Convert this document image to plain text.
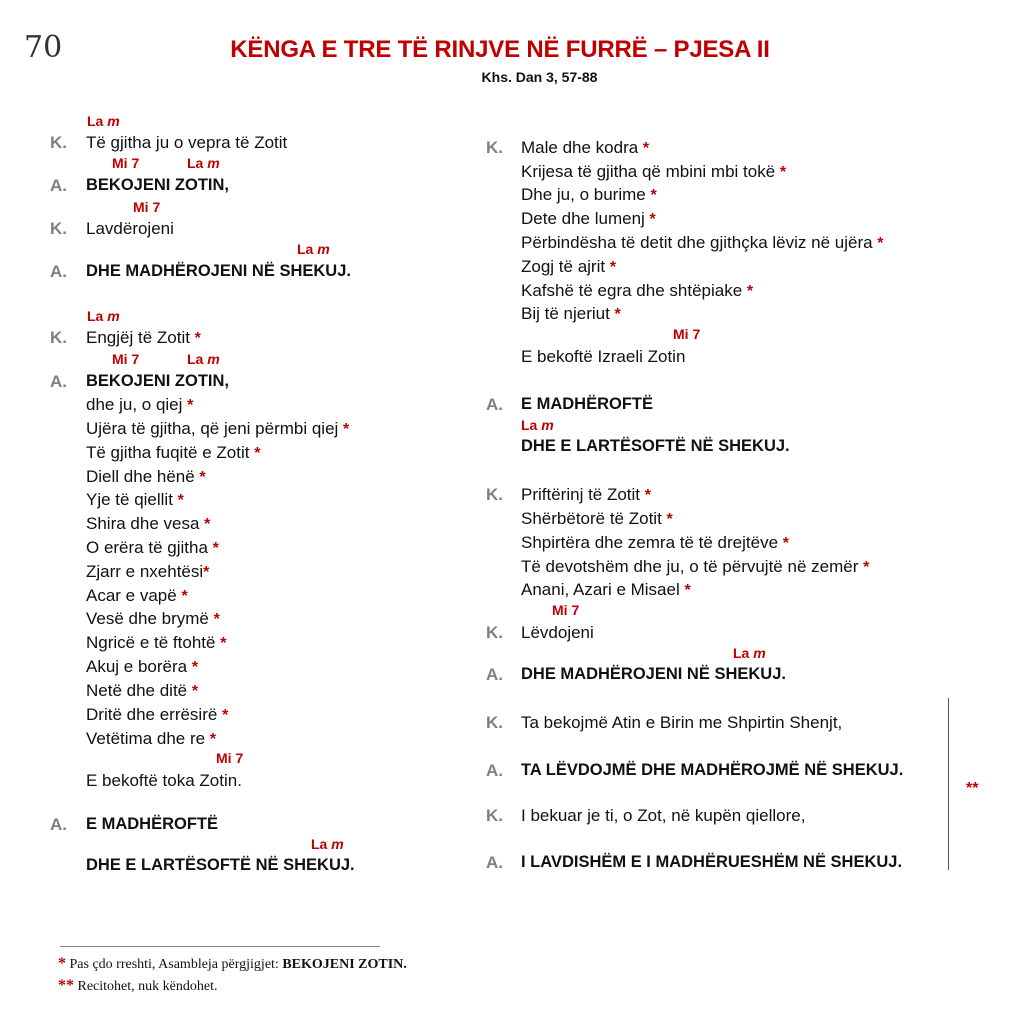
70	KËNGA E TRE TË RINJVE NË FURRË – PJESA II
Khs. Dan 3, 57-88
La m
K. Të gjitha ju o vepra të Zotit
Mi 7	La m
A. BEKOJENI ZOTIN,
Mi 7
K. Lavdërojeni
La m
A. DHE MADHËROJENI NË SHEKUJ.
La m
K. Engjëj të Zotit *
Mi 7	La m
A. BEKOJENI ZOTIN,
dhe ju, o qiej *
Ujëra të gjitha, që jeni përmbi qiej *
Të gjitha fuqitë e Zotit *
Diell dhe hënë *
Yje të qiellit *
Shira dhe vesa *
O erëra të gjitha *
Zjarr e nxehtësi*
Acar e vapë *
Vesë dhe brymë *
Ngricë e të ftohtë *
Akuj e borëra *
Netë dhe ditë *
Dritë dhe errësirë *
Vetëtima dhe re *
Mi 7
E bekoftë toka Zotin.
A. E MADHËROFTË
La m
DHE E LARTËSOFTË NË SHEKUJ.
K. Male dhe kodra *
Krijesa të gjitha që mbini mbi tokë *
Dhe ju, o burime *
Dete dhe lumenj *
Përbindësha të detit dhe gjithçka lëviz në ujëra *
Zogj të ajrit *
Kafshë të egra dhe shtëpiake *
Bij të njeriut *
Mi 7
E bekoftë Izraeli Zotin
A. E MADHËROFTË
La m
DHE E LARTËSOFTË NË SHEKUJ.
K. Priftërinj të Zotit *
Shërbëtorë të Zotit *
Shpirtëra dhe zemra të të drejtëve *
Të devotshëm dhe ju, o të përvujtë në zemër *
Anani, Azari e Misael *
Mi 7
K. Lëvdojeni
La m
A. DHE MADHËROJENI NË SHEKUJ.
K. Ta bekojmë Atin e Birin me Shpirtin Shenjt,
A. TA LËVDOJMË DHE MADHËROJMË NË SHEKUJ.
K. I bekuar je ti, o Zot, në kupën qiellore,
A. I LAVDISHËM E I MADHËRUESHËM NË SHEKUJ.
**
* Pas çdo rreshti, Asambleja përgjigjet: BEKOJENI ZOTIN.
** Recitohet, nuk këndohet.
